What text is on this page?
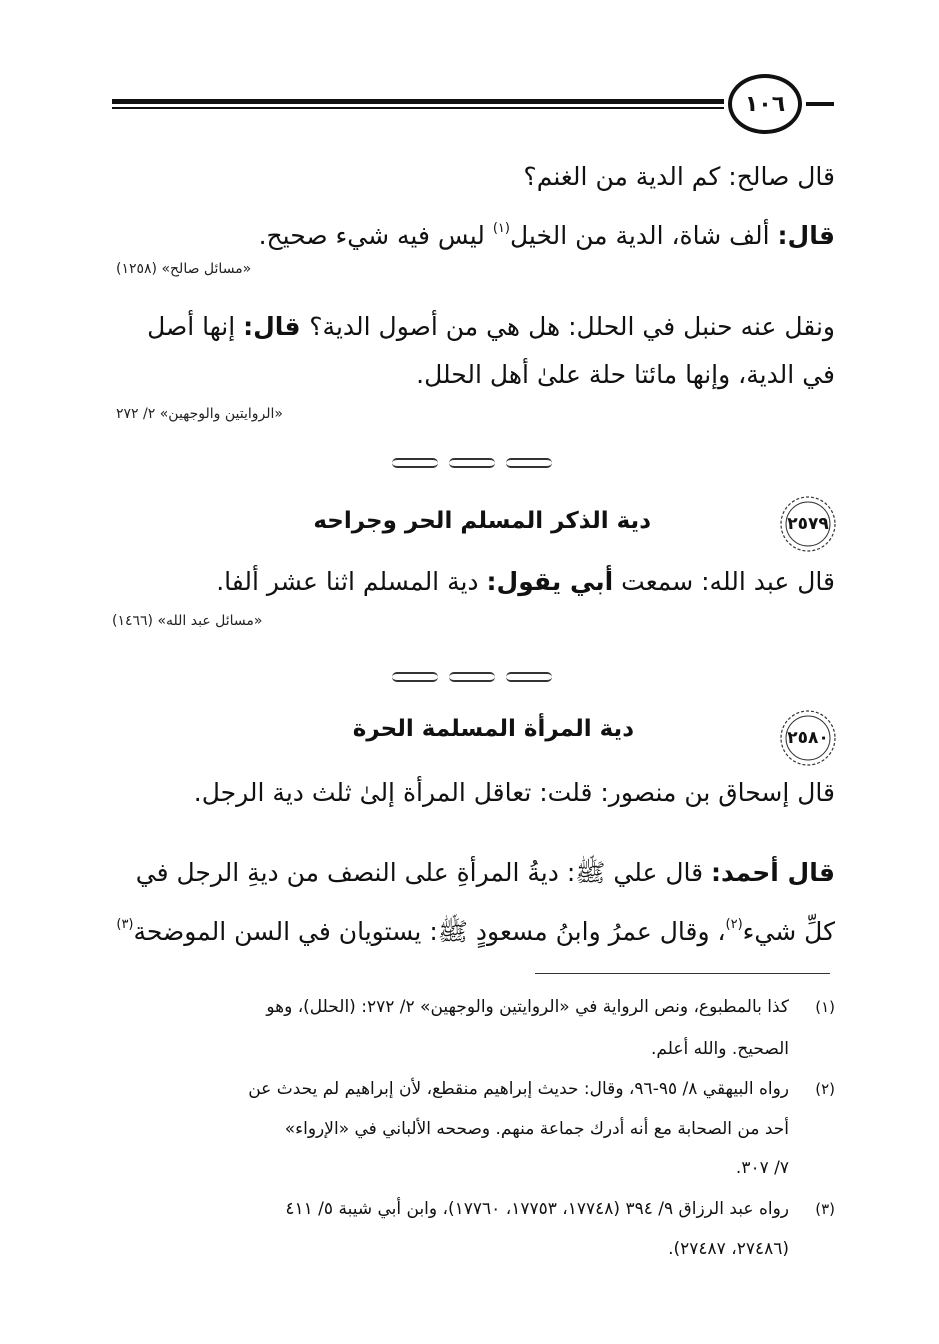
١٠٦
قال صالح: كم الدية من الغنم؟
قال: ألف شاة، الدية من الخيل$^{(١)}$ ليس فيه شيء صحيح.
«مسائل صالح» (١٢٥٨)
ونقل عنه حنبل في الحلل: هل هي من أصول الدية؟ قال: إنها أصل
في الدية، وإنها مائتا حلة علىٰ أهل الحلل.
«الروايتين والوجهين» ٢/ ٢٧٢
٢٥٧٩
دية الذكر المسلم الحر وجراحه
قال عبد الله: سمعت أبي يقول: دية المسلم اثنا عشر ألفا.
«مسائل عبد الله» (١٤٦٦)
٢٥٨٠
دية المرأة المسلمة الحرة
قال إسحاق بن منصور: قلت: تعاقل المرأة إلىٰ ثلث دية الرجل.
قال أحمد: قال علي ﷺ: ديةُ المرأةِ على النصف من ديةِ الرجل في
كلِّ شيء$^{(٢)}$، وقال عمرُ وابنُ مسعودٍ ﷺ: يستويان في السن الموضحة$^{(٣)}$
(١)
كذا بالمطبوع، ونص الرواية في «الروايتين والوجهين» ٢/ ٢٧٢: (الحلل)، وهو
الصحيح. والله أعلم.
(٢)
رواه البيهقي ٨/ ٩٥-٩٦، وقال: حديث إبراهيم منقطع، لأن إبراهيم لم يحدث عن
أحد من الصحابة مع أنه أدرك جماعة منهم. وصححه الألباني في «الإرواء»
٧/ ٣٠٧.
(٣)
رواه عبد الرزاق ٩/ ٣٩٤ (١٧٧٤٨، ١٧٧٥٣، ١٧٧٦٠)، وابن أبي شيبة ٥/ ٤١١
(٢٧٤٨٦، ٢٧٤٨٧).
